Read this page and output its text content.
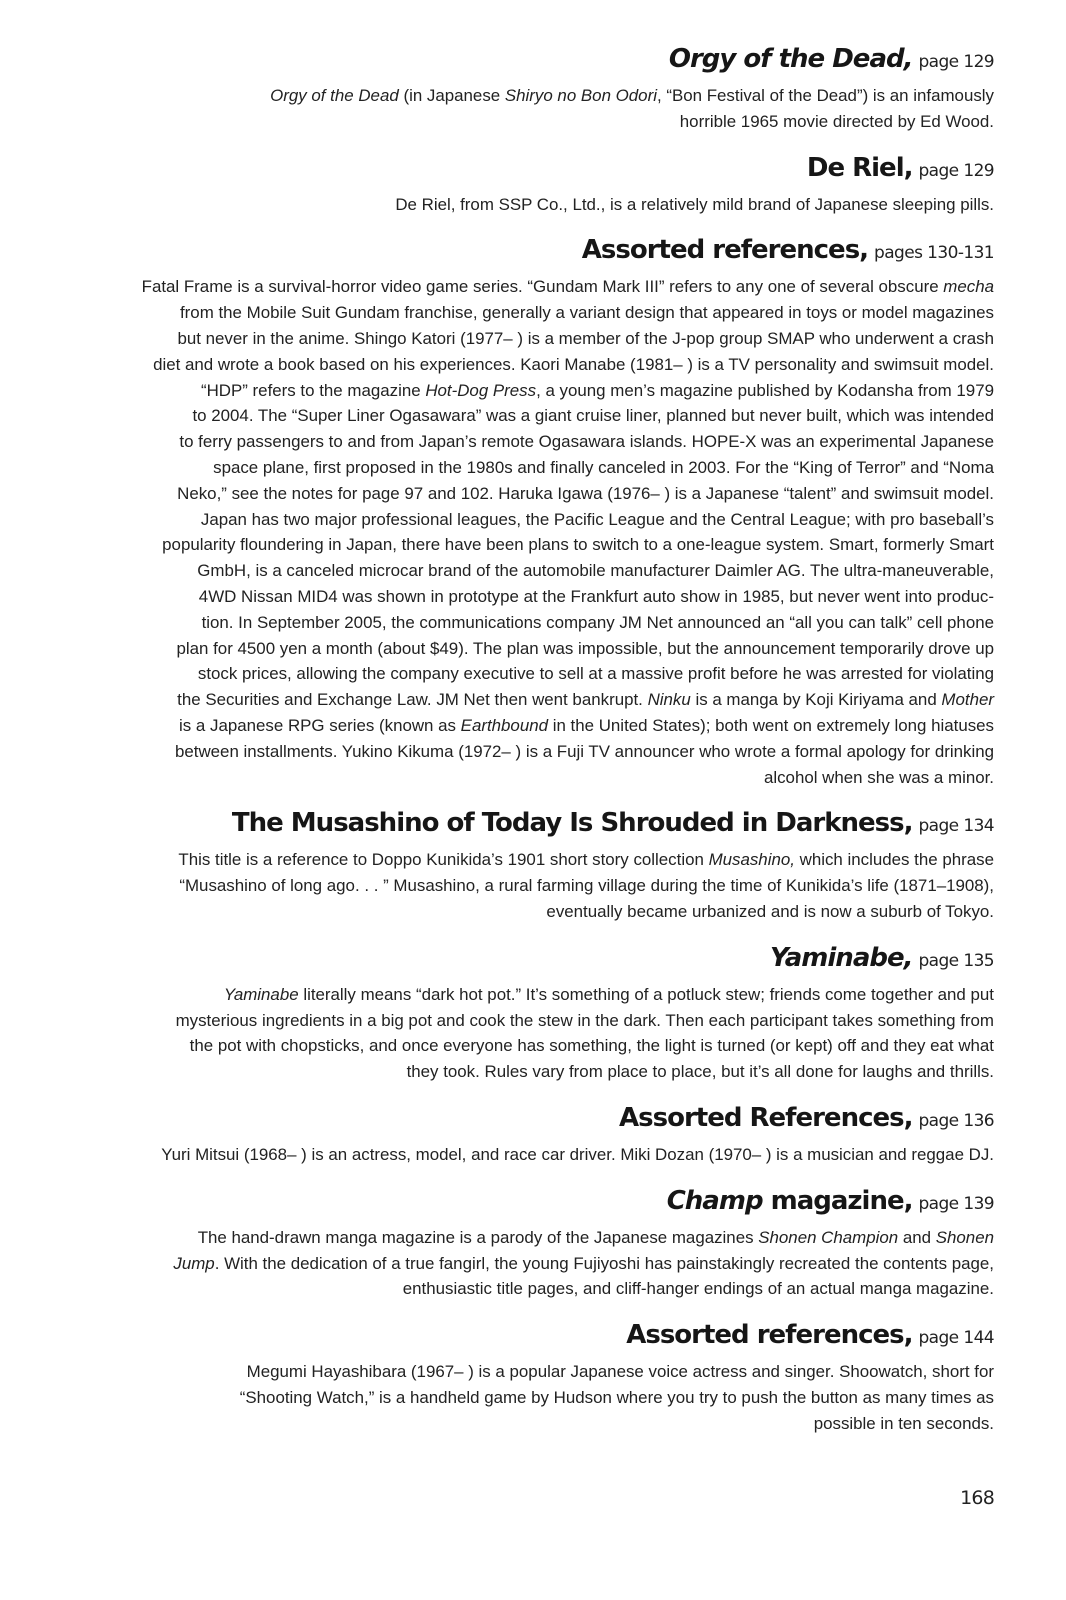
Orgy of the Dead, page 129

Orgy of the Dead (in Japanese Shiryo no Bon Odori, “Bon Festival of the Dead”) is an infamously
horrible 1965 movie directed by Ed Wood.

De Riel, page 129

De Riel, from SSP Co., Ltd., is a relatively mild brand of Japanese sleeping pills.

Assorted references, pages 130-131

Fatal Frame is a survival-horror video game series. “Gundam Mark III” refers to any one of several obscure mecha
from the Mobile Suit Gundam franchise, generally a variant design that appeared in toys or model magazines
but never in the anime. Shingo Katori (1977– ) is a member of the J-pop group SMAP who underwent a crash
diet and wrote a book based on his experiences. Kaori Manabe (1981– ) is a TV personality and swimsuit model.
“HDP” refers to the magazine Hot-Dog Press, a young men’s magazine published by Kodansha from 1979
to 2004. The “Super Liner Ogasawara” was a giant cruise liner, planned but never built, which was intended
to ferry passengers to and from Japan’s remote Ogasawara islands. HOPE-X was an experimental Japanese
space plane, first proposed in the 1980s and finally canceled in 2003. For the “King of Terror” and “Noma
Neko,” see the notes for page 97 and 102. Haruka Igawa (1976– ) is a Japanese “talent” and swimsuit model.
Japan has two major professional leagues, the Pacific League and the Central League; with pro baseball’s
popularity floundering in Japan, there have been plans to switch to a one-league system. Smart, formerly Smart
GmbH, is a canceled microcar brand of the automobile manufacturer Daimler AG. The ultra-maneuverable,
4WD Nissan MID4 was shown in prototype at the Frankfurt auto show in 1985, but never went into produc-
tion. In September 2005, the communications company JM Net announced an “all you can talk” cell phone
plan for 4500 yen a month (about $49). The plan was impossible, but the announcement temporarily drove up
stock prices, allowing the company executive to sell at a massive profit before he was arrested for violating
the Securities and Exchange Law. JM Net then went bankrupt. Ninku is a manga by Koji Kiriyama and Mother
is a Japanese RPG series (known as Earthbound in the United States); both went on extremely long hiatuses
between installments. Yukino Kikuma (1972– ) is a Fuji TV announcer who wrote a formal apology for drinking
alcohol when she was a minor.

The Musashino of Today Is Shrouded in Darkness, page 134

This title is a reference to Doppo Kunikida’s 1901 short story collection Musashino, which includes the phrase
“Musashino of long ago. . . ” Musashino, a rural farming village during the time of Kunikida’s life (1871–1908),
eventually became urbanized and is now a suburb of Tokyo.

Yaminabe, page 135

Yaminabe literally means “dark hot pot.” It’s something of a potluck stew; friends come together and put
mysterious ingredients in a big pot and cook the stew in the dark. Then each participant takes something from
the pot with chopsticks, and once everyone has something, the light is turned (or kept) off and they eat what
they took. Rules vary from place to place, but it’s all done for laughs and thrills.

Assorted References, page 136

Yuri Mitsui (1968– ) is an actress, model, and race car driver. Miki Dozan (1970– ) is a musician and reggae DJ.

Champ magazine, page 139

The hand-drawn manga magazine is a parody of the Japanese magazines Shonen Champion and Shonen
Jump. With the dedication of a true fangirl, the young Fujiyoshi has painstakingly recreated the contents page,
enthusiastic title pages, and cliff-hanger endings of an actual manga magazine.

Assorted references, page 144

Megumi Hayashibara (1967– ) is a popular Japanese voice actress and singer. Shoowatch, short for
“Shooting Watch,” is a handheld game by Hudson where you try to push the button as many times as
possible in ten seconds.

168
